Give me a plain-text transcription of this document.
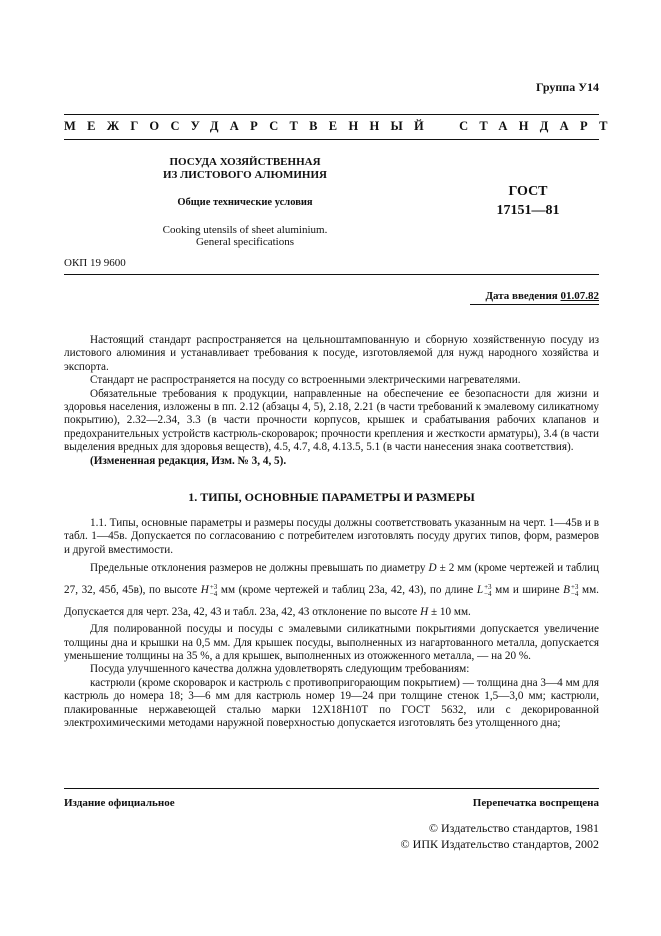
Группа У14
МЕЖГОСУДАРСТВЕННЫЙ СТАНДАРТ
ПОСУДА ХОЗЯЙСТВЕННАЯ
ИЗ ЛИСТОВОГО АЛЮМИНИЯ
Общие технические условия
Cooking utensils of sheet aluminium.
General specifications
ГОСТ
17151—81
ОКП 19 9600
Дата введения 01.07.82

Настоящий стандарт распространяется на цельноштампованную и сборную хозяйственную посуду из листового алюминия и устанавливает требования к посуде, изготовляемой для нужд народного хозяйства и экспорта.

Стандарт не распространяется на посуду со встроенными электрическими нагревателями.

Обязательные требования к продукции, направленные на обеспечение ее безопасности для жизни и здоровья населения, изложены в пп. 2.12 (абзацы 4, 5), 2.18, 2.21 (в части требований к эмалевому силикатному покрытию), 2.32—2.34, 3.3 (в части прочности корпусов, крышек и срабатывания рабочих клапанов и предохранительных устройств кастрюль-скороварок; прочности крепления и жесткости арматуры), 3.4 (в части выделения вредных для здоровья веществ), 4.5, 4.7, 4.8, 4.13.5, 5.1 (в части нанесения знака соответствия).

(Измененная редакция, Изм. № 3, 4, 5).

1. ТИПЫ, ОСНОВНЫЕ ПАРАМЕТРЫ И РАЗМЕРЫ

1.1. Типы, основные параметры и размеры посуды должны соответствовать указанным на черт. 1—45в и в табл. 1—45в. Допускается по согласованию с потребителем изготовлять посуду других типов, форм, размеров и другой вместимости.

Предельные отклонения размеров не должны превышать по диаметру D ± 2 мм (кроме чертежей и таблиц 27, 32, 45б, 45в), по высоте H +3
−4 мм (кроме чертежей и таблиц 23а, 42, 43), по длине L +3
−4 мм и ширине B +3
−4 мм. Допускается для черт. 23а, 42, 43 и табл. 23а, 42, 43 отклонение по высоте H ± 10 мм.

Для полированной посуды и посуды с эмалевыми силикатными покрытиями допускается увеличение толщины дна и крышки на 0,5 мм. Для крышек посуды, выполненных из нагартованного металла, допускается уменьшение толщины на 35 %, а для крышек, выполненных из отожженного металла, — на 20 %.

Посуда улучшенного качества должна удовлетворять следующим требованиям:

кастрюли (кроме скороварок и кастрюль с противопригорающим покрытием) — толщина дна 3—4 мм для кастрюль до номера 18; 3—6 мм для кастрюль номер 19—24 при толщине стенок 1,5—3,0 мм; кастрюли, плакированные нержавеющей сталью марки 12Х18Н10Т по ГОСТ 5632, или с декорированной электрохимическими методами наружной поверхностью допускается изготовлять без утолщенного дна;

Издание официальное	Перепечатка воспрещена
© Издательство стандартов, 1981
© ИПК Издательство стандартов, 2002
